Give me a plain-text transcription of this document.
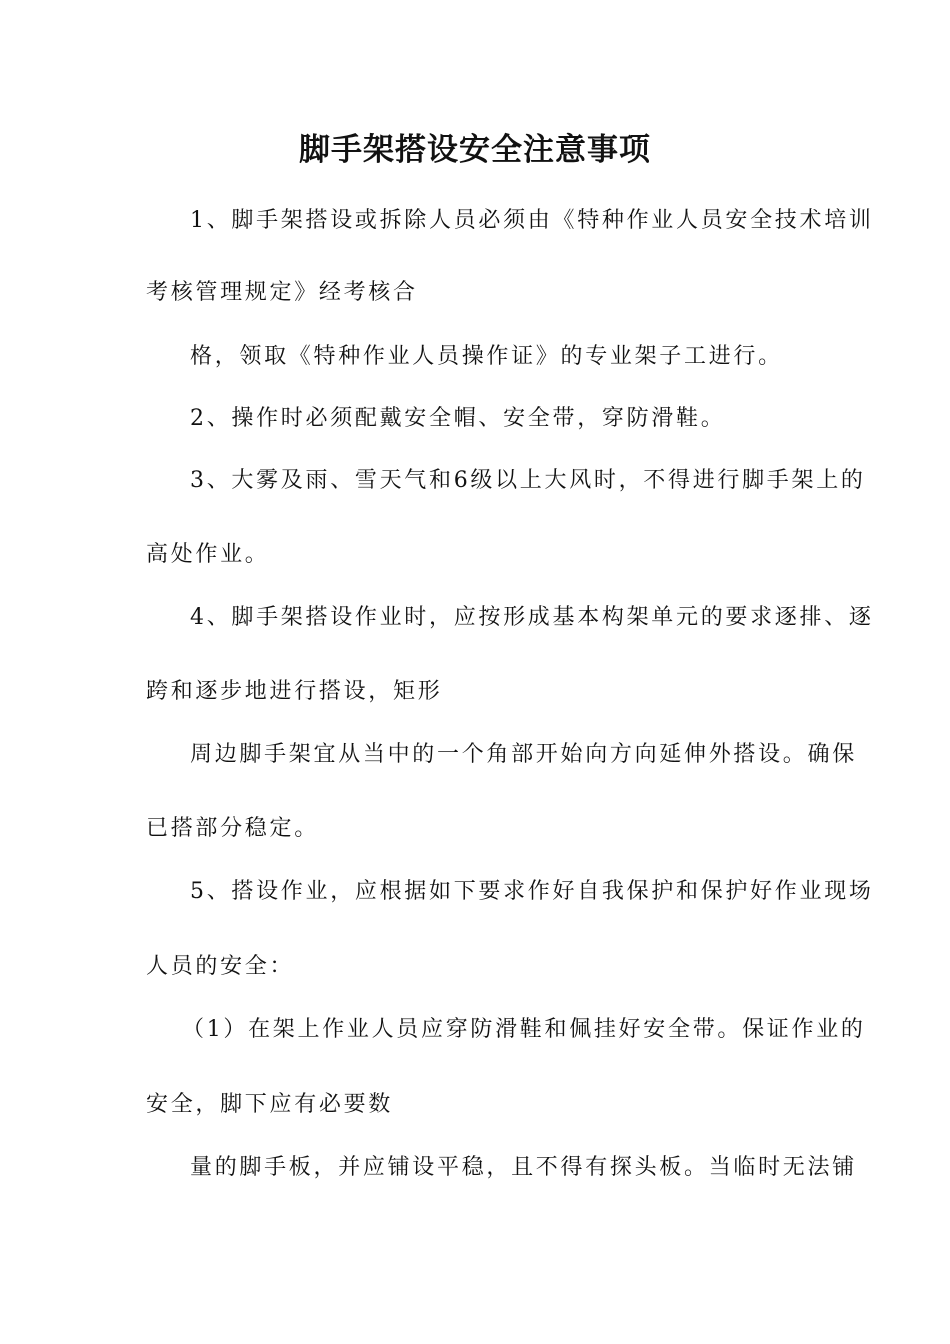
脚手架搭设安全注意事项
1、脚手架搭设或拆除人员必须由《特种作业人员安全技术培训
考核管理规定》经考核合
格，领取《特种作业人员操作证》的专业架子工进行。
2、操作时必须配戴安全帽、安全带，穿防滑鞋。
3、大雾及雨、雪天气和6级以上大风时，不得进行脚手架上的
高处作业。
4、脚手架搭设作业时，应按形成基本构架单元的要求逐排、逐
跨和逐步地进行搭设，矩形
周边脚手架宜从当中的一个角部开始向方向延伸外搭设。确保
已搭部分稳定。
5、搭设作业，应根据如下要求作好自我保护和保护好作业现场
人员的安全：
（1）在架上作业人员应穿防滑鞋和佩挂好安全带。保证作业的
安全，脚下应有必要数
量的脚手板，并应铺设平稳，且不得有探头板。当临时无法铺
